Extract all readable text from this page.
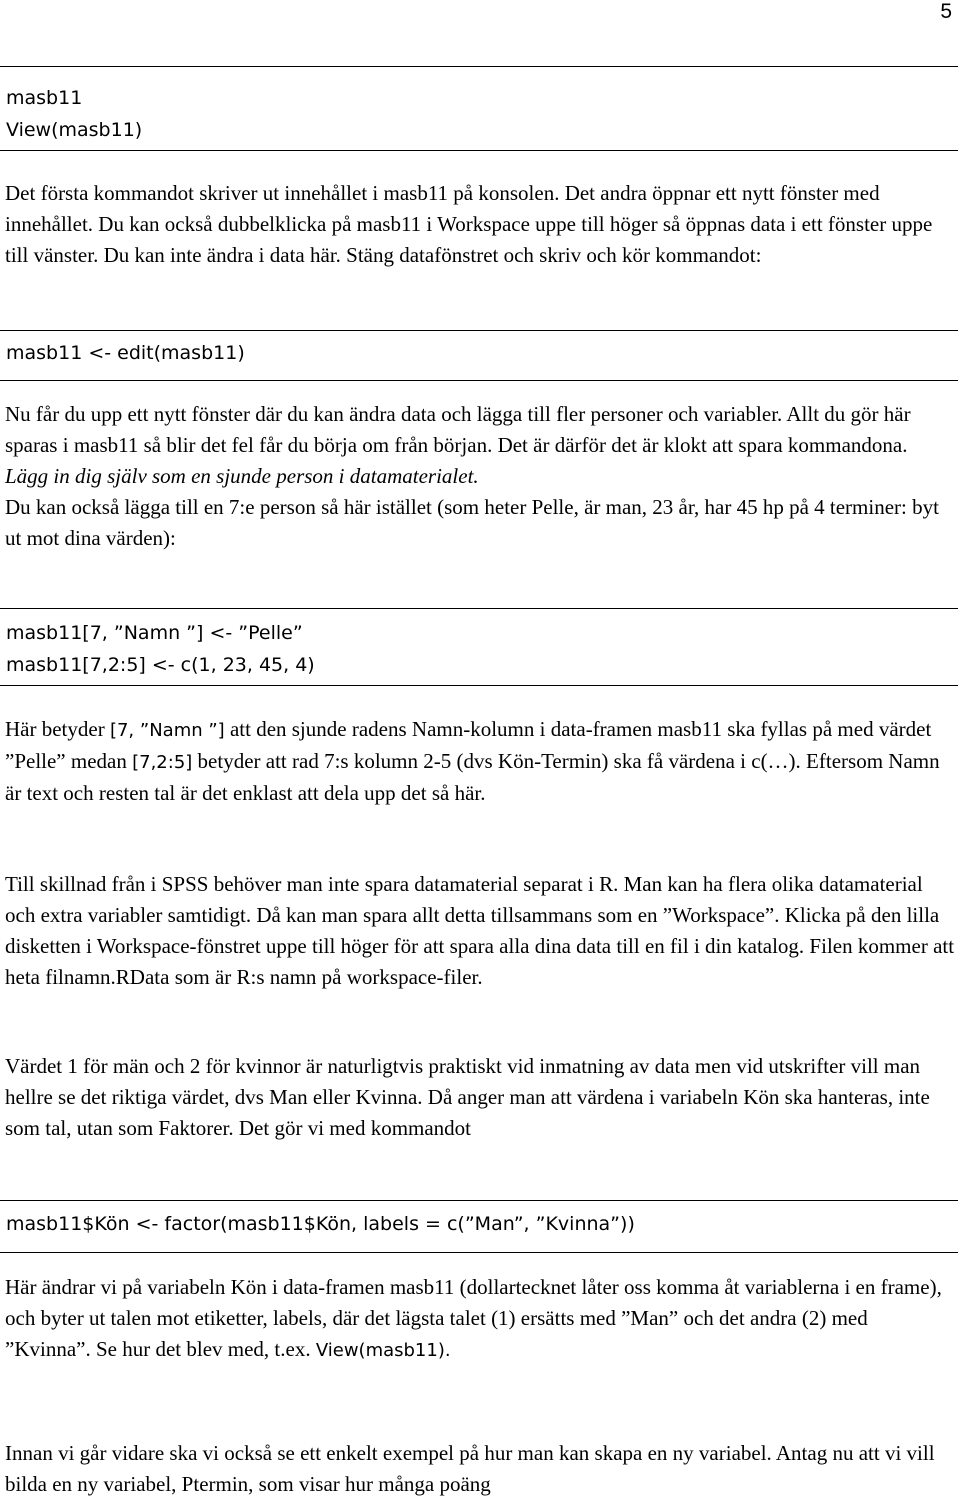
5
masb11
View(masb11)

Det första kommandot skriver ut innehållet i masb11 på konsolen. Det andra öppnar ett nytt fönster med innehållet. Du kan också dubbelklicka på masb11 i Workspace uppe till höger så öppnas data i ett fönster uppe till vänster. Du kan inte ändra i data här. Stäng datafönstret och skriv och kör kommandot:

masb11 <- edit(masb11)

Nu får du upp ett nytt fönster där du kan ändra data och lägga till fler personer och variabler. Allt du gör här sparas i masb11 så blir det fel får du börja om från början. Det är därför det är klokt att spara kommandona.

Lägg in dig själv som en sjunde person i datamaterialet.

Du kan också lägga till en 7:e person så här istället (som heter Pelle, är man, 23 år, har 45 hp på 4 terminer: byt ut mot dina värden):

masb11[7, ”Namn ”] <- ”Pelle”
masb11[7,2:5] <- c(1, 23, 45, 4)

Här betyder [7, ”Namn ”] att den sjunde radens Namn-kolumn i data-framen masb11 ska fyllas på med värdet ”Pelle” medan [7,2:5] betyder att rad 7:s kolumn 2-5 (dvs Kön-Termin) ska få värdena i c(…). Eftersom Namn är text och resten tal är det enklast att dela upp det så här.

Till skillnad från i SPSS behöver man inte spara datamaterial separat i R. Man kan ha flera olika datamaterial och extra variabler samtidigt. Då kan man spara allt detta tillsammans som en ”Workspace”. Klicka på den lilla disketten i Workspace-fönstret uppe till höger för att spara alla dina data till en fil i din katalog. Filen kommer att heta filnamn.RData som är R:s namn på workspace-filer.

Värdet 1 för män och 2 för kvinnor är naturligtvis praktiskt vid inmatning av data men vid utskrifter vill man hellre se det riktiga värdet, dvs Man eller Kvinna. Då anger man att värdena i variabeln Kön ska hanteras, inte som tal, utan som Faktorer. Det gör vi med kommandot

masb11$Kön <- factor(masb11$Kön, labels = c(”Man”, ”Kvinna”))

Här ändrar vi på variabeln Kön i data-framen masb11 (dollartecknet låter oss komma åt variablerna i en frame), och byter ut talen mot etiketter, labels, där det lägsta talet (1) ersätts med ”Man” och det andra (2) med ”Kvinna”. Se hur det blev med, t.ex. View(masb11).

Innan vi går vidare ska vi också se ett enkelt exempel på hur man kan skapa en ny variabel. Antag nu att vi vill bilda en ny variabel, Ptermin, som visar hur många poäng
